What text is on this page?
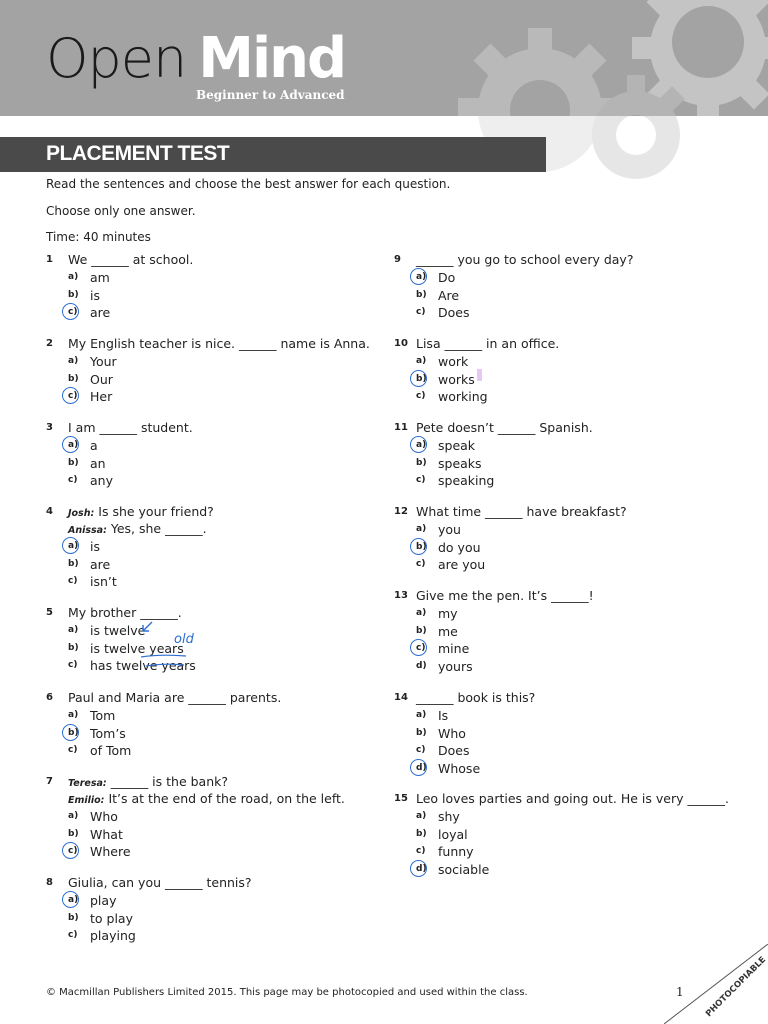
Open Mind
Beginner to Advanced
PLACEMENT TEST
Read the sentences and choose the best answer for each question.
Choose only one answer.
Time: 40 minutes
1 We ______ at school.
a) am
b) is
c) are
2 My English teacher is nice. ______ name is Anna.
a) Your
b) Our
c) Her
3 I am ______ student.
a) a
b) an
c) any
4 Josh: Is she your friend?
Anissa: Yes, she ______.
a) is
b) are
c) isn’t
5 My brother ______.
a) is twelve
b) is twelve years
c) has twelve years
6 Paul and Maria are ______ parents.
a) Tom
b) Tom’s
c) of Tom
7 Teresa: ______ is the bank?
Emilio: It’s at the end of the road, on the left.
a) Who
b) What
c) Where
8 Giulia, can you ______ tennis?
a) play
b) to play
c) playing
9 ______ you go to school every day?
a) Do
b) Are
c) Does
10 Lisa ______ in an office.
a) work
b) works
c) working
11 Pete doesn’t ______ Spanish.
a) speak
b) speaks
c) speaking
12 What time ______ have breakfast?
a) you
b) do you
c) are you
13 Give me the pen. It’s ______!
a) my
b) me
c) mine
d) yours
14 ______ book is this?
a) Is
b) Who
c) Does
d) Whose
15 Leo loves parties and going out. He is very ______.
a) shy
b) loyal
c) funny
d) sociable
old
© Macmillan Publishers Limited 2015. This page may be photocopied and used within the class.	1 PHOTOCOPIABLE
